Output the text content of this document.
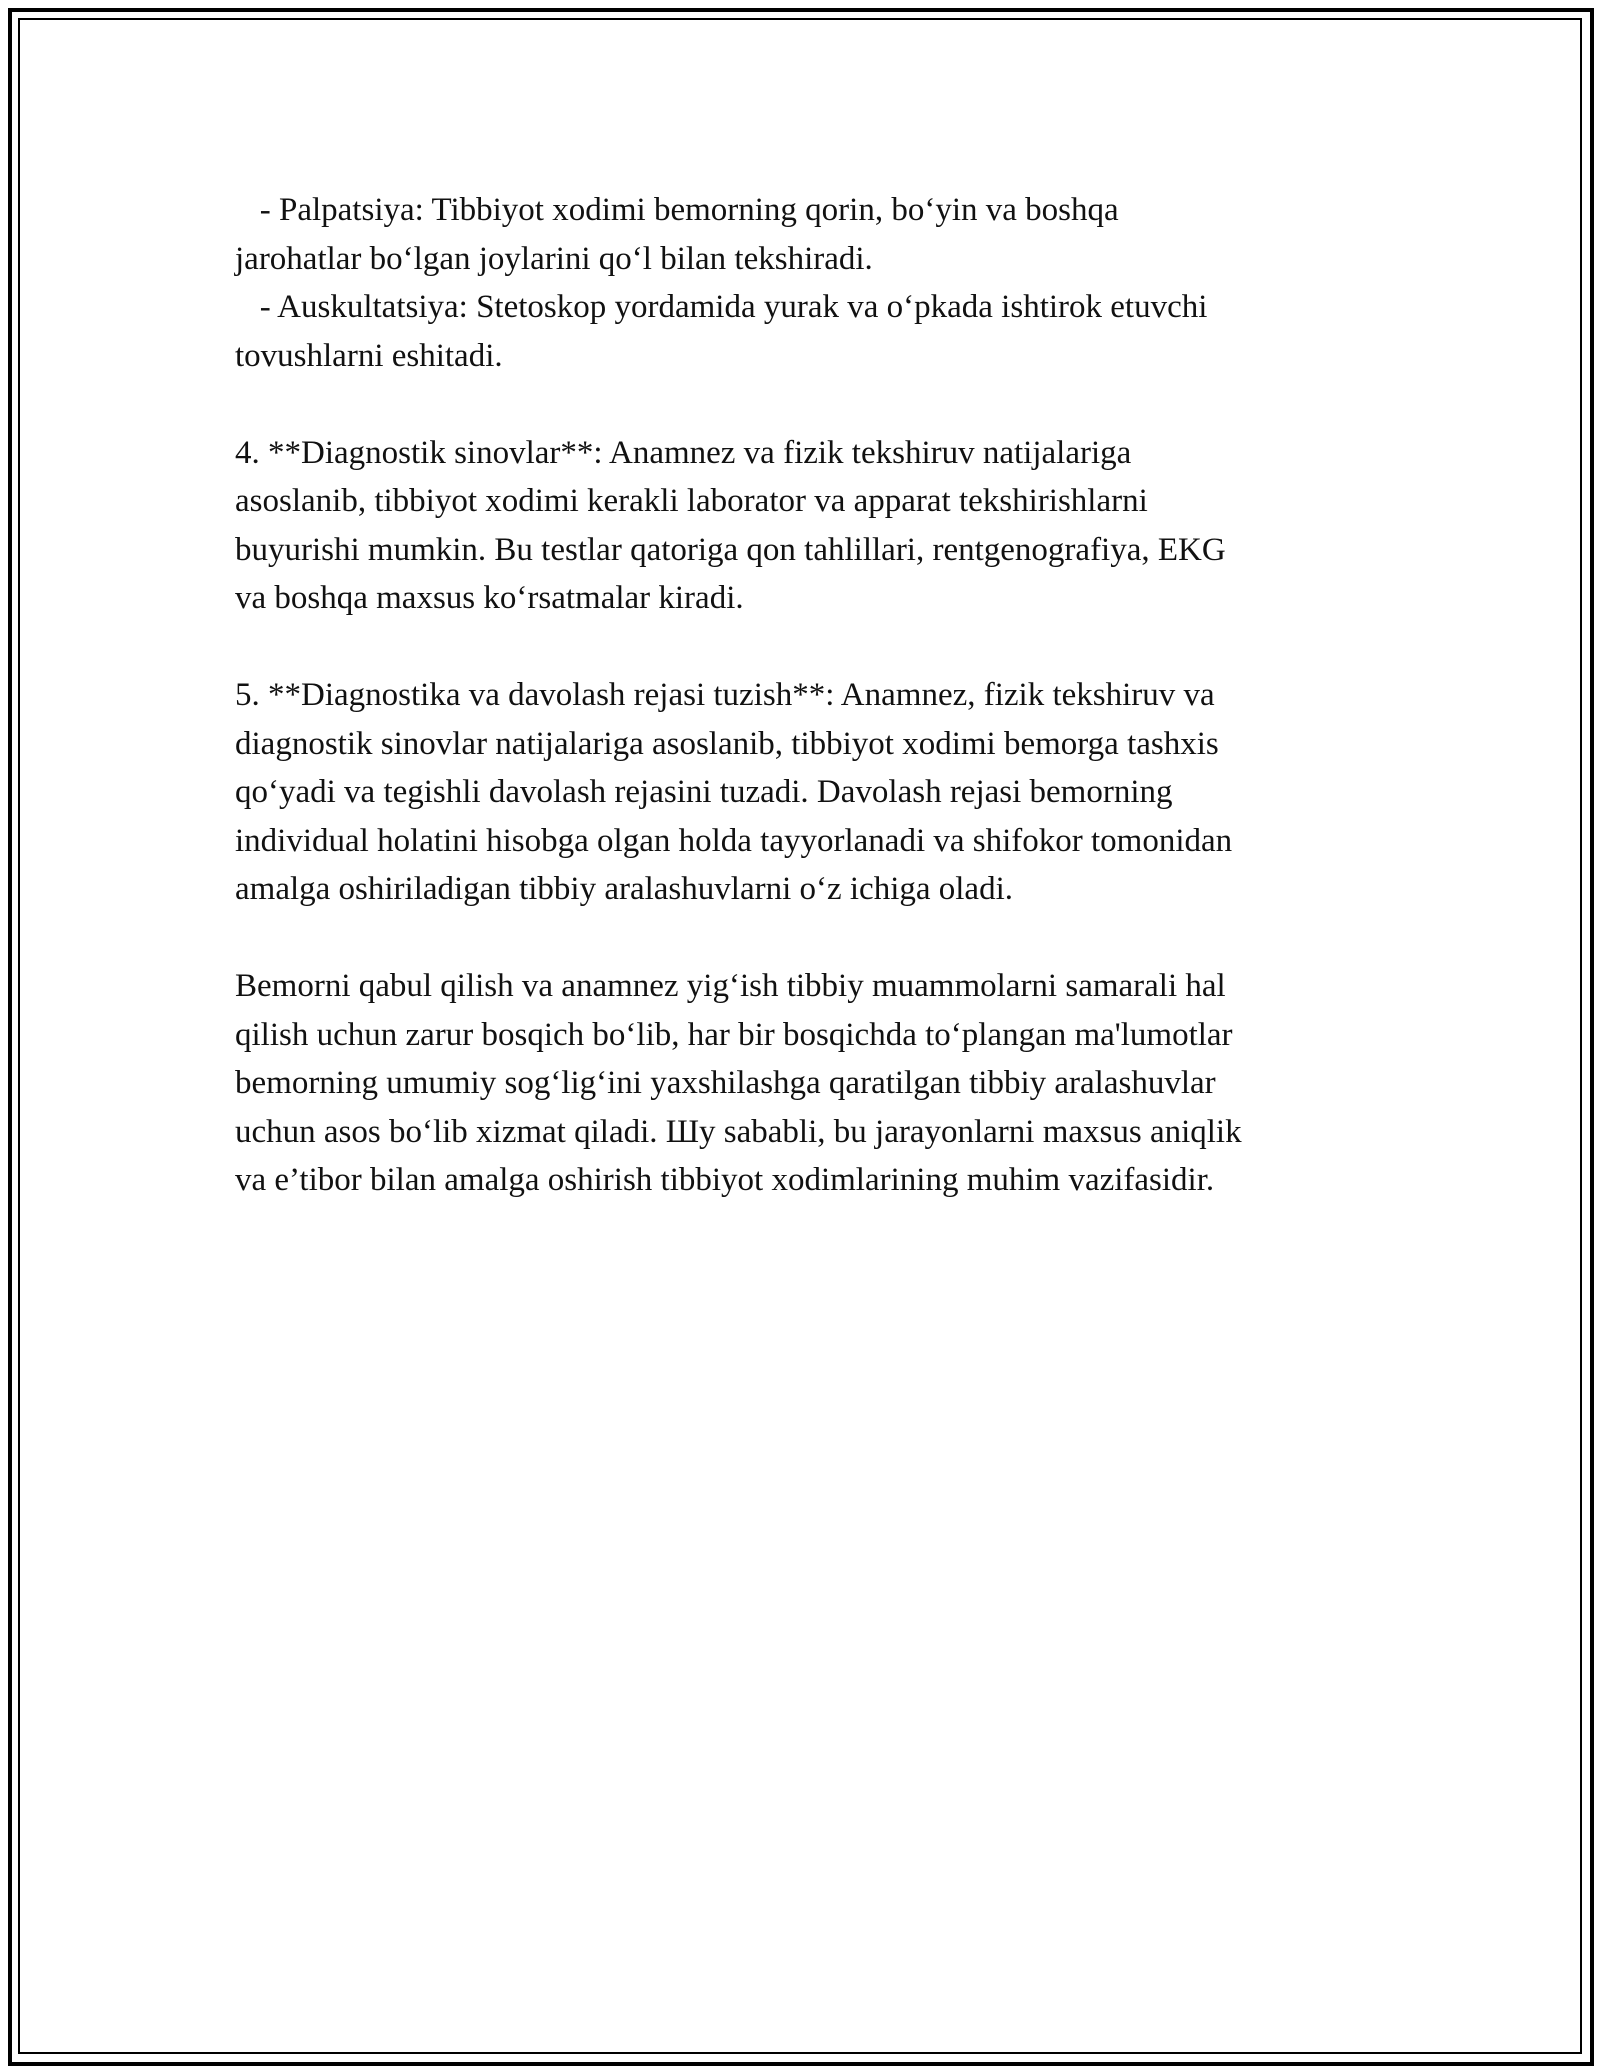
- Palpatsiya: Tibbiyot xodimi bemorning qorin, bo‘yin va boshqa
jarohatlar bo‘lgan joylarini qo‘l bilan tekshiradi.
- Auskultatsiya: Stetoskop yordamida yurak va o‘pkada ishtirok etuvchi
tovushlarni eshitadi.
4. **Diagnostik sinovlar**: Anamnez va fizik tekshiruv natijalariga
asoslanib, tibbiyot xodimi kerakli laborator va apparat tekshirishlarni
buyurishi mumkin. Bu testlar qatoriga qon tahlillari, rentgenografiya, EKG
va boshqa maxsus ko‘rsatmalar kiradi.
5. **Diagnostika va davolash rejasi tuzish**: Anamnez, fizik tekshiruv va
diagnostik sinovlar natijalariga asoslanib, tibbiyot xodimi bemorga tashxis
qo‘yadi va tegishli davolash rejasini tuzadi. Davolash rejasi bemorning
individual holatini hisobga olgan holda tayyorlanadi va shifokor tomonidan
amalga oshiriladigan tibbiy aralashuvlarni o‘z ichiga oladi.
Bemorni qabul qilish va anamnez yig‘ish tibbiy muammolarni samarali hal
qilish uchun zarur bosqich bo‘lib, har bir bosqichda to‘plangan ma'lumotlar
bemorning umumiy sog‘lig‘ini yaxshilashga qaratilgan tibbiy aralashuvlar
uchun asos bo‘lib xizmat qiladi. Шу sababli, bu jarayonlarni maxsus aniqlik
va e’tibor bilan amalga oshirish tibbiyot xodimlarining muhim vazifasidir.
